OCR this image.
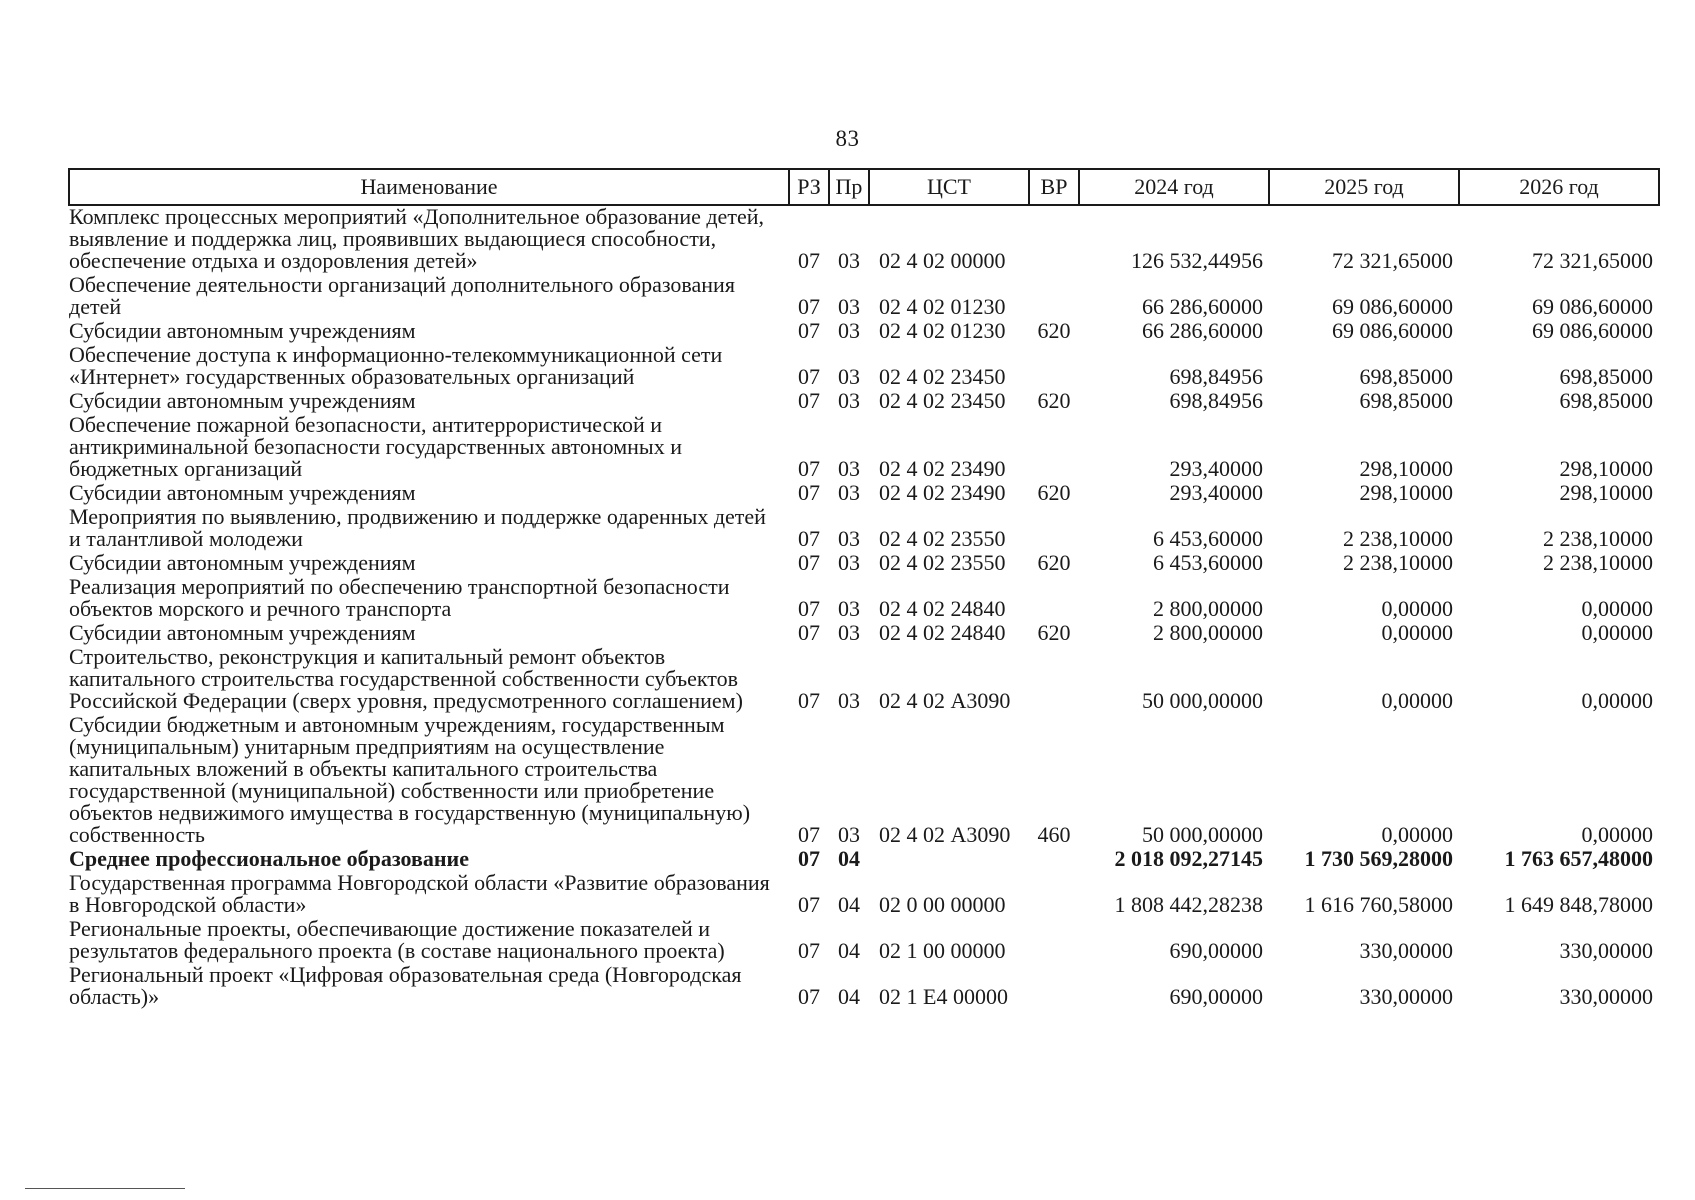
83
Наименование	РЗ	Пр	ЦСТ	ВР	2024 год	2025 год	2026 год
Комплекс процессных мероприятий «Дополнительное образование детей, выявление и поддержка лиц, проявивших выдающиеся способности, обеспечение отдыха и оздоровления детей»	07	03	02 4 02 00000		126 532,44956	72 321,65000	72 321,65000
Обеспечение деятельности организаций дополнительного образования детей	07	03	02 4 02 01230		66 286,60000	69 086,60000	69 086,60000
Субсидии автономным учреждениям	07	03	02 4 02 01230	620	66 286,60000	69 086,60000	69 086,60000
Обеспечение доступа к информационно-телекоммуникационной сети «Интернет» государственных образовательных организаций	07	03	02 4 02 23450		698,84956	698,85000	698,85000
Субсидии автономным учреждениям	07	03	02 4 02 23450	620	698,84956	698,85000	698,85000
Обеспечение пожарной безопасности, антитеррористической и антикриминальной безопасности государственных автономных и бюджетных организаций	07	03	02 4 02 23490		293,40000	298,10000	298,10000
Субсидии автономным учреждениям	07	03	02 4 02 23490	620	293,40000	298,10000	298,10000
Мероприятия по выявлению, продвижению и поддержке одаренных детей и талантливой молодежи	07	03	02 4 02 23550		6 453,60000	2 238,10000	2 238,10000
Субсидии автономным учреждениям	07	03	02 4 02 23550	620	6 453,60000	2 238,10000	2 238,10000
Реализация мероприятий по обеспечению транспортной безопасности объектов морского и речного транспорта	07	03	02 4 02 24840		2 800,00000	0,00000	0,00000
Субсидии автономным учреждениям	07	03	02 4 02 24840	620	2 800,00000	0,00000	0,00000
Строительство, реконструкция и капитальный ремонт объектов капитального строительства государственной собственности субъектов Российской Федерации (сверх уровня, предусмотренного соглашением)	07	03	02 4 02 А3090		50 000,00000	0,00000	0,00000
Субсидии бюджетным и автономным учреждениям, государственным (муниципальным) унитарным предприятиям на осуществление капитальных вложений в объекты капитального строительства государственной (муниципальной) собственности или приобретение объектов недвижимого имущества в государственную (муниципальную) собственность	07	03	02 4 02 А3090	460	50 000,00000	0,00000	0,00000
Среднее профессиональное образование	07	04			2 018 092,27145	1 730 569,28000	1 763 657,48000
Государственная программа Новгородской области «Развитие образования в Новгородской области»	07	04	02 0 00 00000		1 808 442,28238	1 616 760,58000	1 649 848,78000
Региональные проекты, обеспечивающие достижение показателей и результатов федерального проекта (в составе национального проекта)	07	04	02 1 00 00000		690,00000	330,00000	330,00000
Региональный проект «Цифровая образовательная среда (Новгородская область)»	07	04	02 1 Е4 00000		690,00000	330,00000	330,00000
